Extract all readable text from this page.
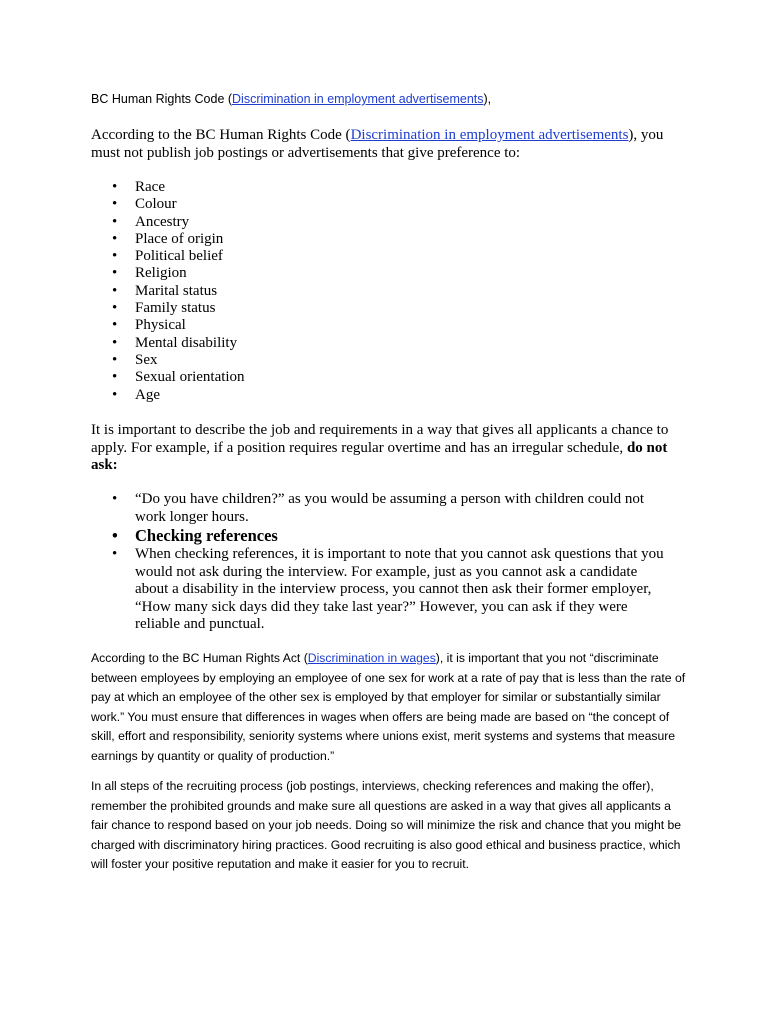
BC Human Rights Code (Discrimination in employment advertisements),
According to the BC Human Rights Code (Discrimination in employment advertisements), you must not publish job postings or advertisements that give preference to:
• Race
• Colour
• Ancestry
• Place of origin
• Political belief
• Religion
• Marital status
• Family status
• Physical
• Mental disability
• Sex
• Sexual orientation
• Age
It is important to describe the job and requirements in a way that gives all applicants a chance to apply. For example, if a position requires regular overtime and has an irregular schedule, do not ask:
• “Do you have children?” as you would be assuming a person with children could not work longer hours.
• Checking references
• When checking references, it is important to note that you cannot ask questions that you would not ask during the interview. For example, just as you cannot ask a candidate about a disability in the interview process, you cannot then ask their former employer, “How many sick days did they take last year?” However, you can ask if they were reliable and punctual.
According to the BC Human Rights Act (Discrimination in wages), it is important that you not “discriminate between employees by employing an employee of one sex for work at a rate of pay that is less than the rate of pay at which an employee of the other sex is employed by that employer for similar or substantially similar work.” You must ensure that differences in wages when offers are being made are based on “the concept of skill, effort and responsibility, seniority systems where unions exist, merit systems and systems that measure earnings by quantity or quality of production.”
In all steps of the recruiting process (job postings, interviews, checking references and making the offer), remember the prohibited grounds and make sure all questions are asked in a way that gives all applicants a fair chance to respond based on your job needs. Doing so will minimize the risk and chance that you might be charged with discriminatory hiring practices. Good recruiting is also good ethical and business practice, which will foster your positive reputation and make it easier for you to recruit.
